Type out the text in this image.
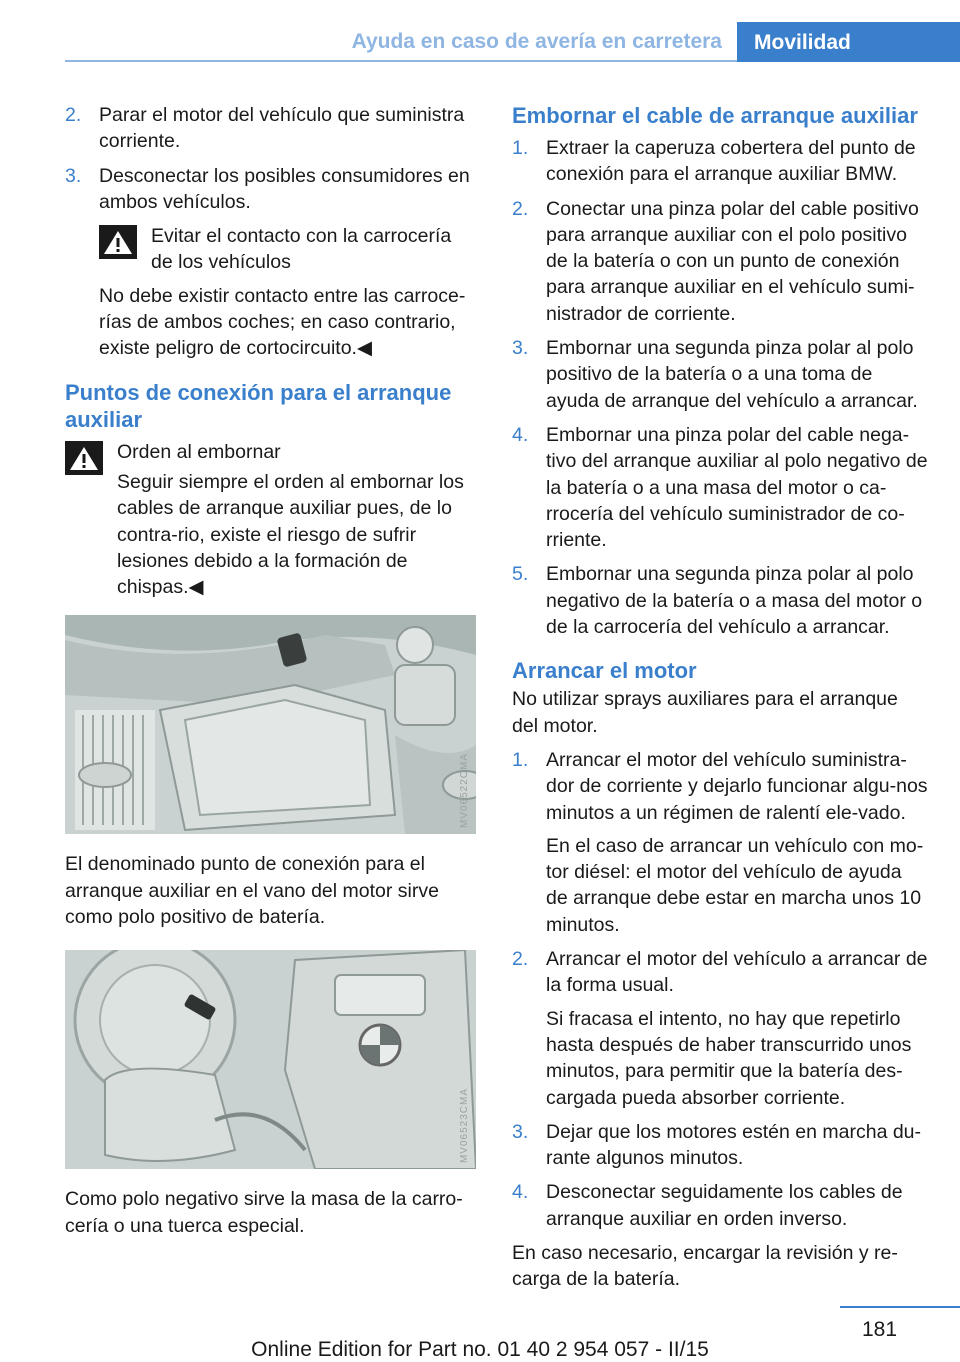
Ayuda en caso de avería en carretera	Movilidad
2. Parar el motor del vehículo que suministra corriente.
3. Desconectar los posibles consumidores en ambos vehículos.
Evitar el contacto con la carrocería de los vehículos
No debe existir contacto entre las carroce‐rías de ambos coches; en caso contrario, existe peligro de cortocircuito.◀
Puntos de conexión para el arranque auxiliar
Orden al embornar
Seguir siempre el orden al embornar los cables de arranque auxiliar pues, de lo contra‐rio, existe el riesgo de sufrir lesiones debido a la formación de chispas.◀
MV06522CMA

El denominado punto de conexión para el arranque auxiliar en el vano del motor sirve como polo positivo de batería.

MV06523CMA

Como polo negativo sirve la masa de la carro‐cería o una tuerca especial.

Embornar el cable de arranque auxiliar
1. Extraer la caperuza cobertera del punto de conexión para el arranque auxiliar BMW.
2. Conectar una pinza polar del cable positivo para arranque auxiliar con el polo positivo de la batería o con un punto de conexión para arranque auxiliar en el vehículo sumi‐nistrador de corriente.
3. Embornar una segunda pinza polar al polo positivo de la batería o a una toma de ayuda de arranque del vehículo a arrancar.
4. Embornar una pinza polar del cable nega‐tivo del arranque auxiliar al polo negativo de la batería o a una masa del motor o ca‐rrocería del vehículo suministrador de co‐rriente.
5. Embornar una segunda pinza polar al polo negativo de la batería o a masa del motor o de la carrocería del vehículo a arrancar.
Arrancar el motor

No utilizar sprays auxiliares para el arranque del motor.

1. Arrancar el motor del vehículo suministra‐dor de corriente y dejarlo funcionar algu‐nos minutos a un régimen de ralentí ele‐vado.
En el caso de arrancar un vehículo con mo‐tor diésel: el motor del vehículo de ayuda de arranque debe estar en marcha unos 10 minutos.
2. Arrancar el motor del vehículo a arrancar de la forma usual.
Si fracasa el intento, no hay que repetirlo hasta después de haber transcurrido unos minutos, para permitir que la batería des‐cargada pueda absorber corriente.
3. Dejar que los motores estén en marcha du‐rante algunos minutos.
4. Desconectar seguidamente los cables de arranque auxiliar en orden inverso.

En caso necesario, encargar la revisión y re‐carga de la batería.

181
Online Edition for Part no. 01 40 2 954 057 - II/15
